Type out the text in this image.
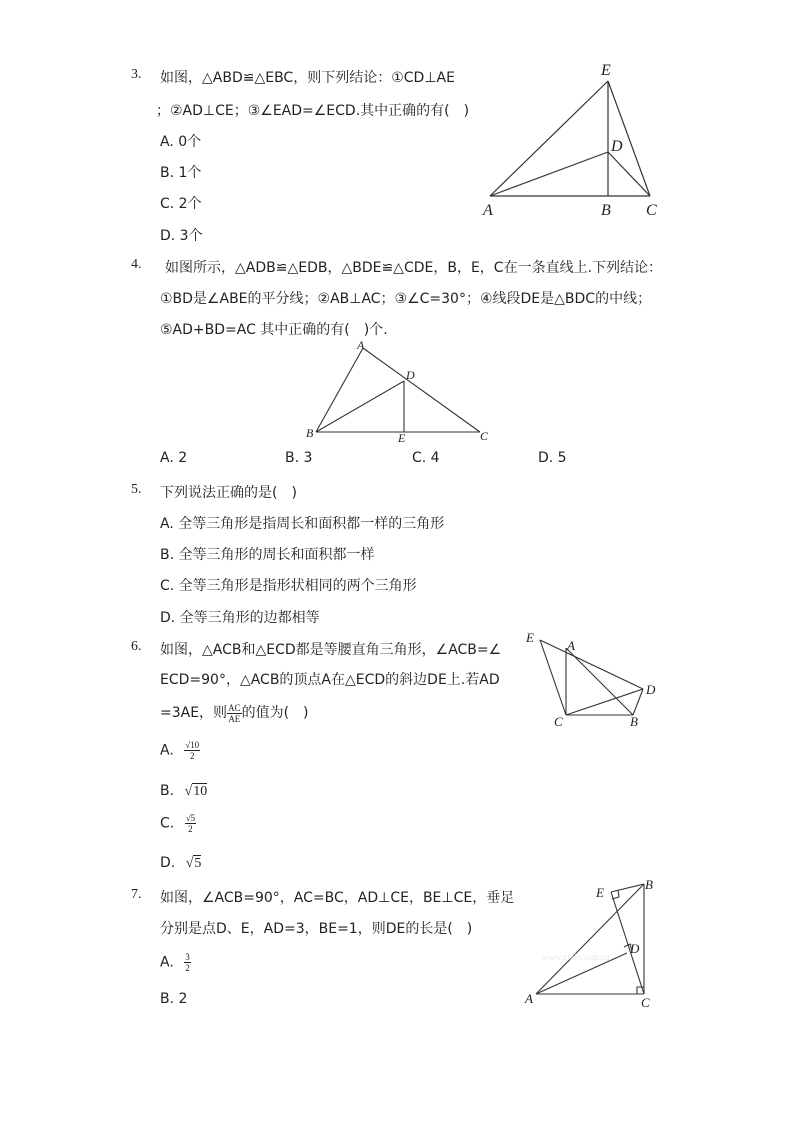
3. 如图，△ABD≌△EBC，则下列结论：①CD⊥AE
；②AD⊥CE；③∠EAD=∠ECD.其中正确的有(　)
A. 0个
B. 1个
C. 2个
D. 3个
E
D
A	B C
4. 如图所示，△ADB≌△EDB，△BDE≌△CDE，B，E，C在一条直线上.下列结论：
①BD是∠ABE的平分线；②AB⊥AC；③∠C=30°；④线段DE是△BDC的中线；
⑤AD+BD=AC 其中正确的有(　)个.
A
D
B	E	C
A. 2	B. 3	C. 4	D. 5
5. 下列说法正确的是(　)
A. 全等三角形是指周长和面积都一样的三角形
B. 全等三角形的周长和面积都一样
C. 全等三角形是指形状相同的两个三角形
D. 全等三角形的边都相等
6. 如图，△ACB和△ECD都是等腰直角三角形，∠ACB=∠
ECD=90°，△ACB的顶点A在△ECD的斜边DE上.若AD
=3AE，则 $\frac{AC}{AE}$ 的值为(　)
A. $\frac{√10}{2}$
B. √10
C. $\frac{√5}{2}$
D. √5
E
A
D
C	B
7. 如图，∠ACB=90°，AC=BC，AD⊥CE，BE⊥CE，垂足
分别是点D、E，AD=3，BE=1，则DE的长是(　)
A. $\frac{3}{2}$
B. 2
www.zixin.com.cn
E
B
D
A	C
